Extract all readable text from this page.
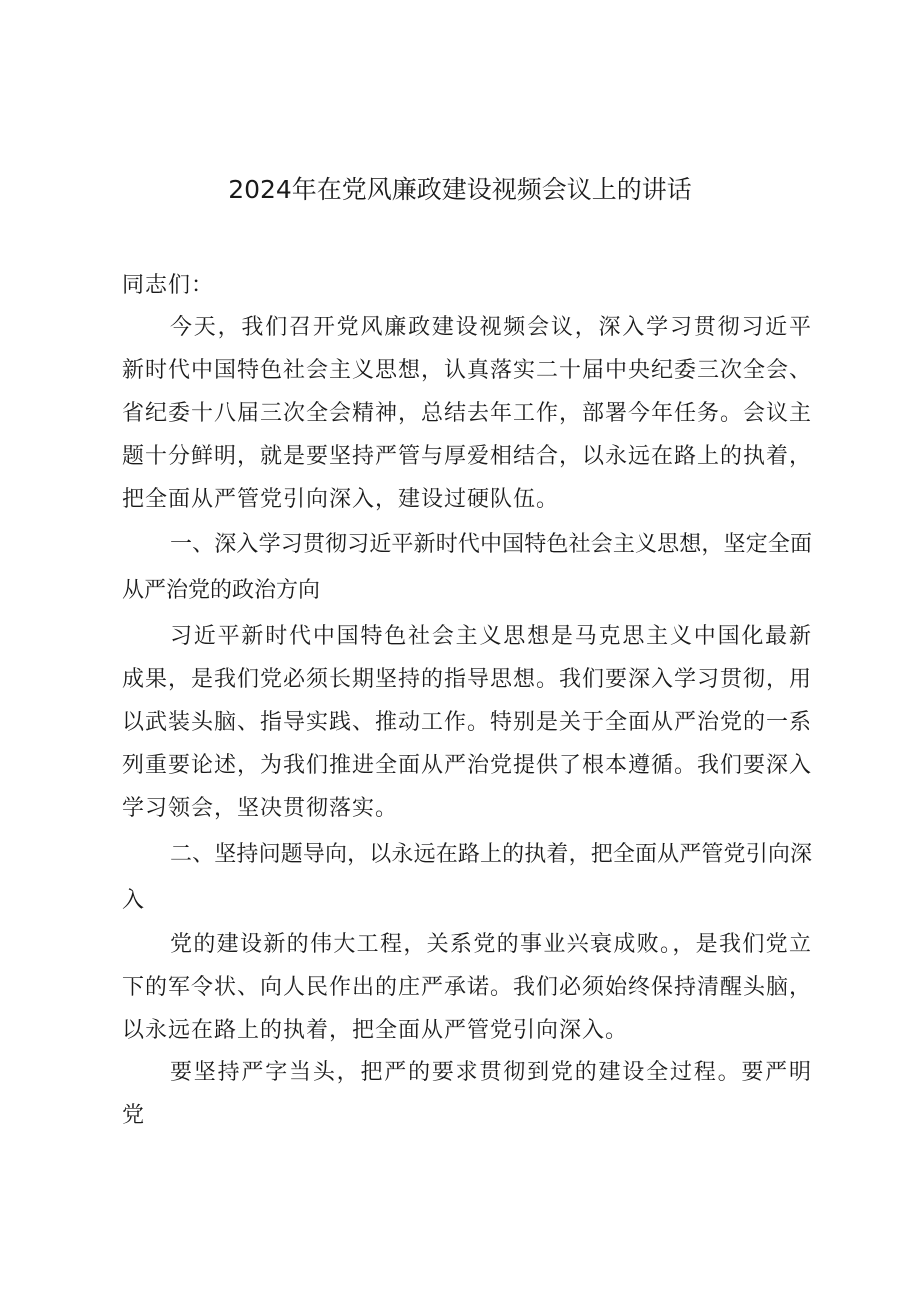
2024年在党风廉政建设视频会议上的讲话

同志们：

今天，我们召开党风廉政建设视频会议，深入学习贯彻习近平新时代中国特色社会主义思想，认真落实二十届中央纪委三次全会、省纪委十八届三次全会精神，总结去年工作，部署今年任务。会议主题十分鲜明，就是要坚持严管与厚爱相结合，以永远在路上的执着，把全面从严管党引向深入，建设过硬队伍。

一、深入学习贯彻习近平新时代中国特色社会主义思想，坚定全面从严治党的政治方向

习近平新时代中国特色社会主义思想是马克思主义中国化最新成果，是我们党必须长期坚持的指导思想。我们要深入学习贯彻，用以武装头脑、指导实践、推动工作。特别是关于全面从严治党的一系列重要论述，为我们推进全面从严治党提供了根本遵循。我们要深入学习领会，坚决贯彻落实。

二、坚持问题导向，以永远在路上的执着，把全面从严管党引向深入

党的建设新的伟大工程，关系党的事业兴衰成败。，是我们党立下的军令状、向人民作出的庄严承诺。我们必须始终保持清醒头脑，以永远在路上的执着，把全面从严管党引向深入。

要坚持严字当头，把严的要求贯彻到党的建设全过程。要严明党
